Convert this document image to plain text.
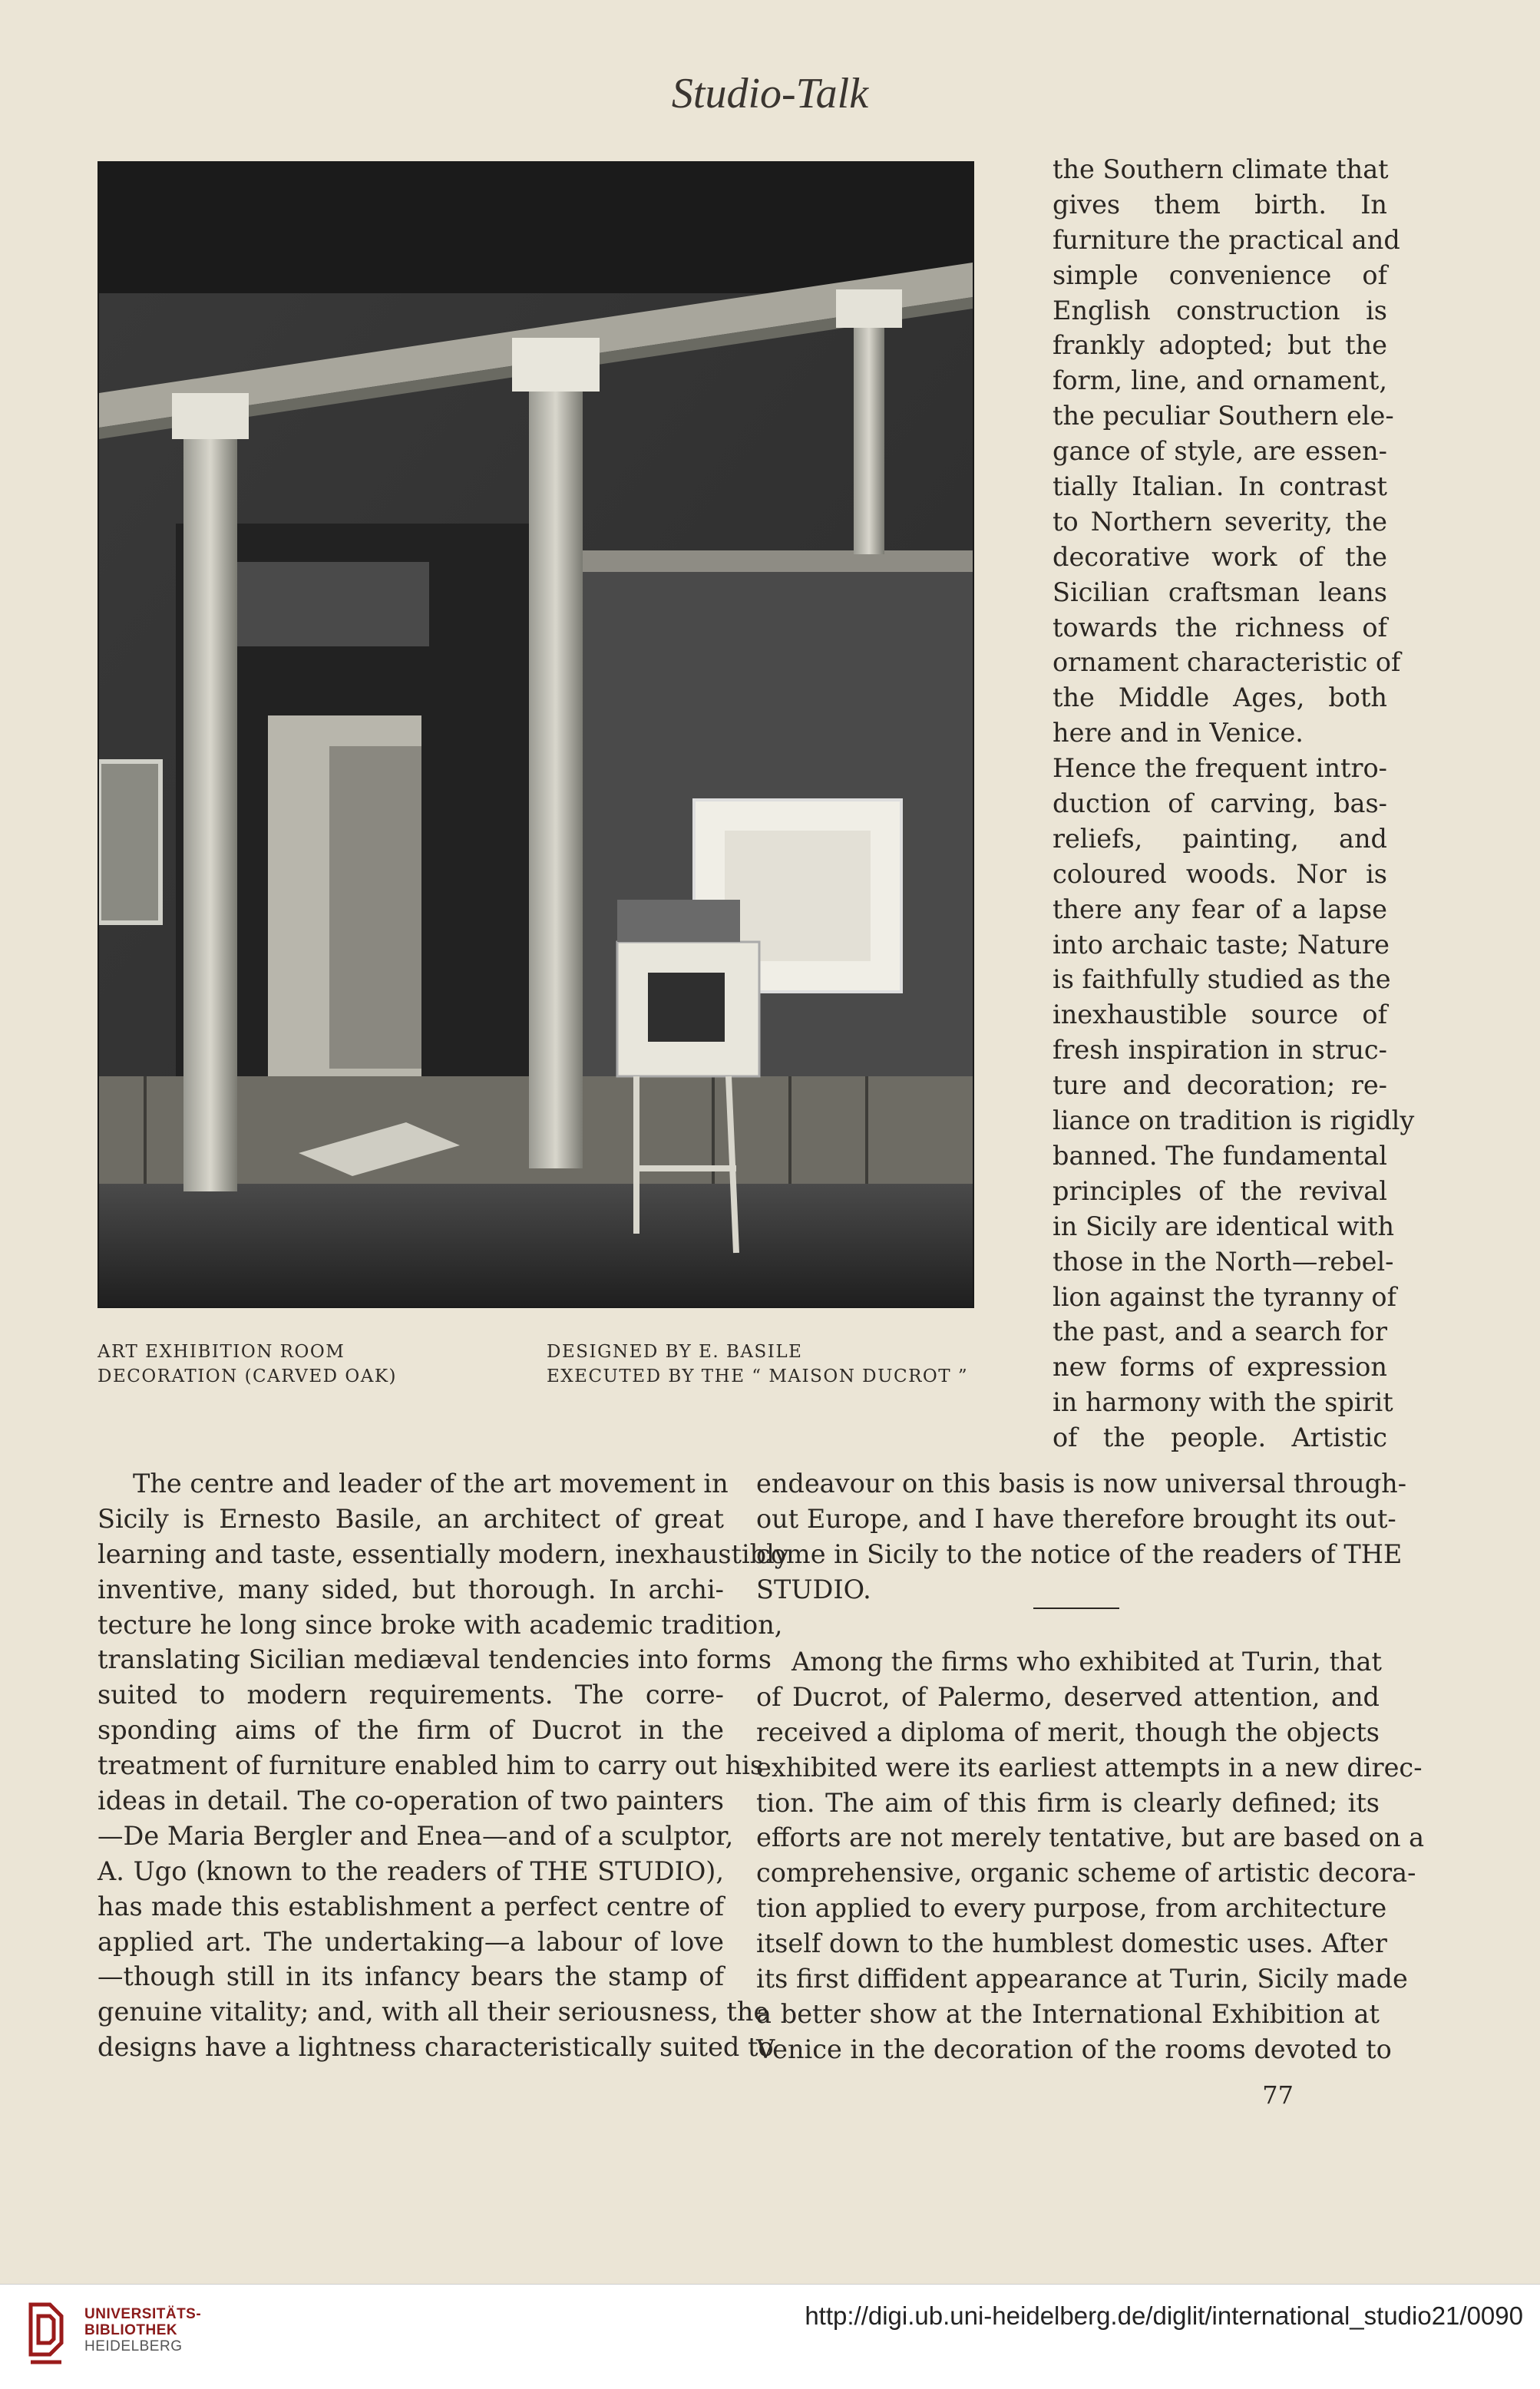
Studio-Talk
ART EXHIBITION ROOM
DECORATION (CARVED OAK)
DESIGNED BY E. BASILE
EXECUTED BY THE “ MAISON DUCROT ”
the Southern climate that
gives them birth. In
furniture the practical and
simple convenience of
English construction is
frankly adopted; but the
form, line, and ornament,
the peculiar Southern ele-
gance of style, are essen-
tially Italian. In contrast
to Northern severity, the
decorative work of the
Sicilian craftsman leans
towards the richness of
ornament characteristic of
the Middle Ages, both
here and in Venice.
Hence the frequent intro-
duction of carving, bas-
reliefs, painting, and
coloured woods. Nor is
there any fear of a lapse
into archaic taste; Nature
is faithfully studied as the
inexhaustible source of
fresh inspiration in struc-
ture and decoration; re-
liance on tradition is rigidly
banned. The fundamental
principles of the revival
in Sicily are identical with
those in the North—rebel-
lion against the tyranny of
the past, and a search for
new forms of expression
in harmony with the spirit
of the people. Artistic
The centre and leader of the art movement in
Sicily is Ernesto Basile, an architect of great
learning and taste, essentially modern, inexhaustibly
inventive, many sided, but thorough. In archi-
tecture he long since broke with academic tradition,
translating Sicilian mediæval tendencies into forms
suited to modern requirements. The corre-
sponding aims of the firm of Ducrot in the
treatment of furniture enabled him to carry out his
ideas in detail. The co-operation of two painters
—De Maria Bergler and Enea—and of a sculptor,
A. Ugo (known to the readers of THE STUDIO),
has made this establishment a perfect centre of
applied art. The undertaking—a labour of love
—though still in its infancy bears the stamp of
genuine vitality; and, with all their seriousness, the
designs have a lightness characteristically suited to
endeavour on this basis is now universal through-
out Europe, and I have therefore brought its out-
come in Sicily to the notice of the readers of THE
STUDIO.
Among the firms who exhibited at Turin, that
of Ducrot, of Palermo, deserved attention, and
received a diploma of merit, though the objects
exhibited were its earliest attempts in a new direc-
tion. The aim of this firm is clearly defined; its
efforts are not merely tentative, but are based on a
comprehensive, organic scheme of artistic decora-
tion applied to every purpose, from architecture
itself down to the humblest domestic uses. After
its first diffident appearance at Turin, Sicily made
a better show at the International Exhibition at
Venice in the decoration of the rooms devoted to
77
UNIVERSITÄTS-
BIBLIOTHEK
HEIDELBERG
http://digi.ub.uni-heidelberg.de/diglit/international_studio21/0090
